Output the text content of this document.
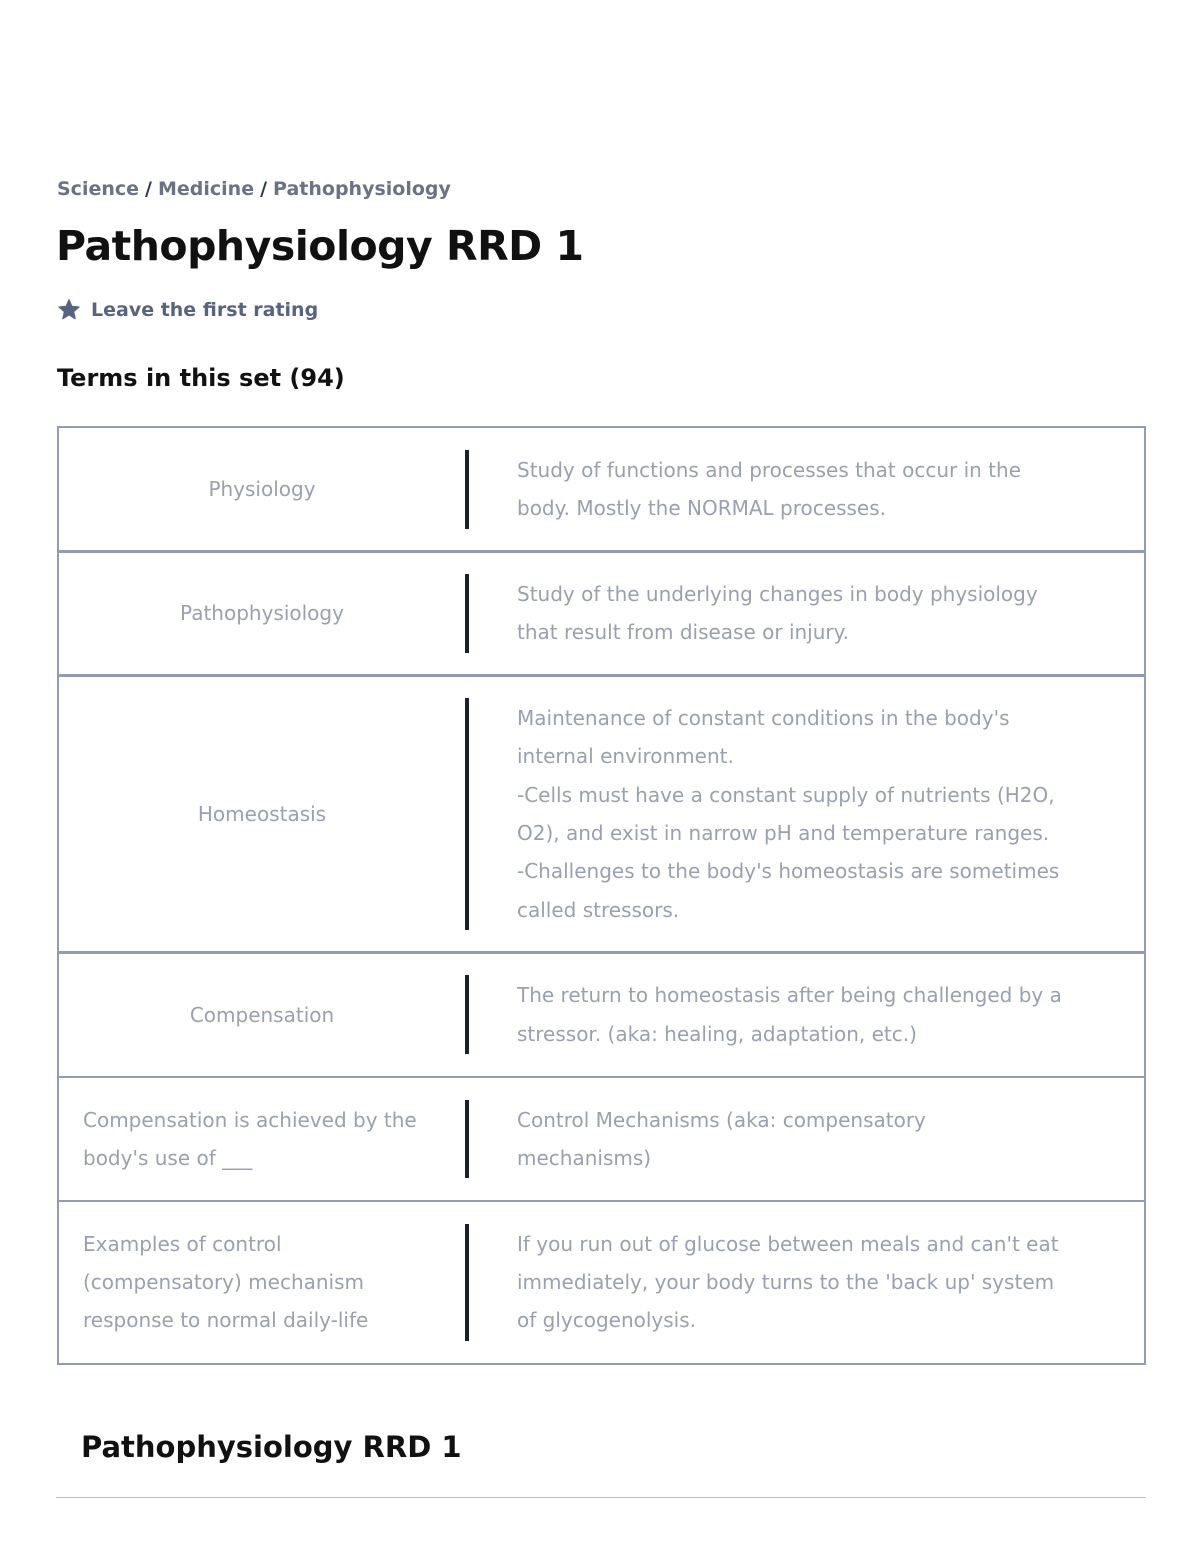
Science / Medicine / Pathophysiology
Pathophysiology RRD 1
Leave the first rating
Terms in this set (94)
Physiology
Study of functions and processes that occur in the body. Mostly the NORMAL processes.
Pathophysiology
Study of the underlying changes in body physiology that result from disease or injury.
Homeostasis
Maintenance of constant conditions in the body's internal environment.
-Cells must have a constant supply of nutrients (H2O, O2), and exist in narrow pH and temperature ranges.
-Challenges to the body's homeostasis are sometimes called stressors.
Compensation
The return to homeostasis after being challenged by a stressor. (aka: healing, adaptation, etc.)
Compensation is achieved by the body's use of ___
Control Mechanisms (aka: compensatory mechanisms)
Examples of control (compensatory) mechanism response to normal daily-life
If you run out of glucose between meals and can't eat immediately, your body turns to the 'back up' system of glycogenolysis.
Pathophysiology RRD 1
